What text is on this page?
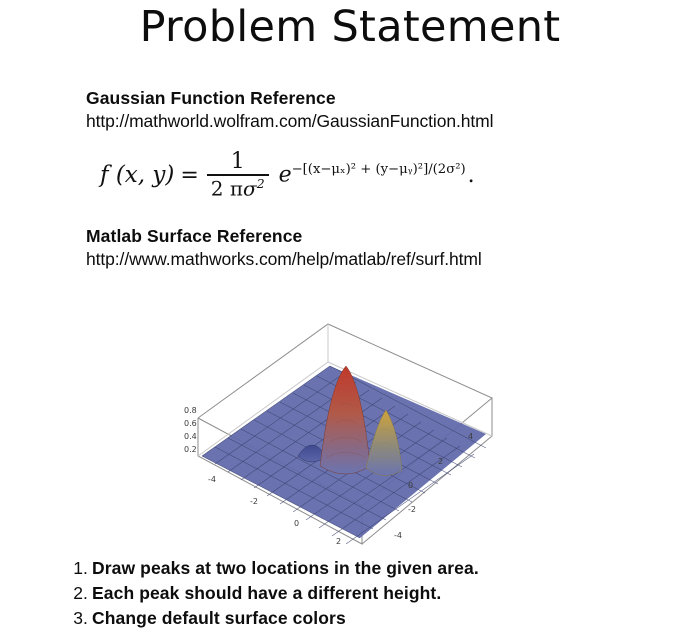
Problem Statement

Gaussian Function Reference

http://mathworld.wolfram.com/GaussianFunction.html

f (x, $y) = \frac{1}{2 \pi\sigma^2} e^{-[(x-\mu_x)^2 + (y-\mu ᵧ)^2]/(2\sigma^2)}$.

Matlab Surface Reference

http://www.mathworks.com/help/matlab/ref/surf.html

0.8
0.6
0.4
0.2
-4
-2
0
2
4
2
0
-2
-4
1. Draw peaks at two locations in the given area.
2. Each peak should have a different height.
3. Change default surface colors
